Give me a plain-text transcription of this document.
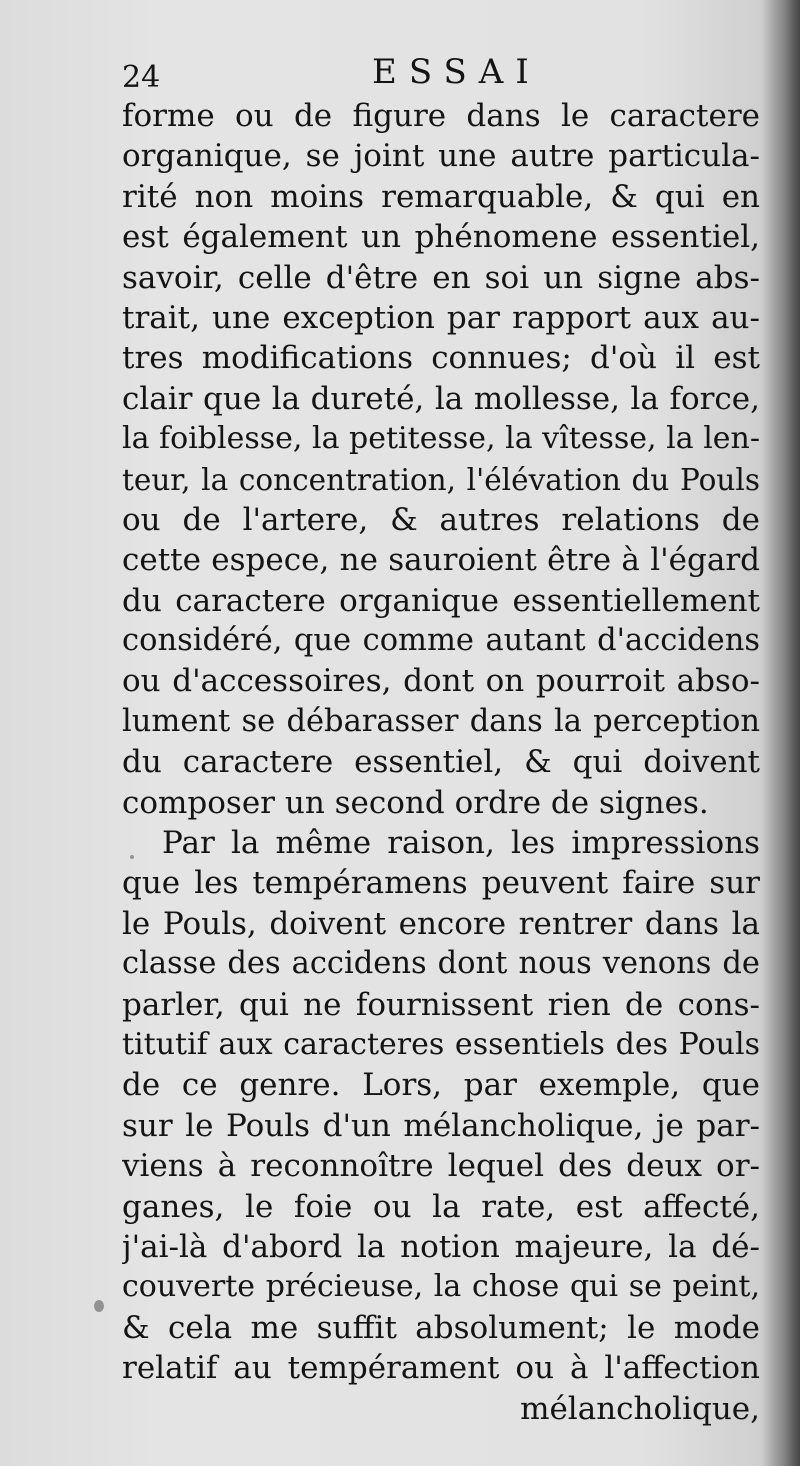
24	ESSAI
forme ou de figure dans le caractere
organique, se joint une autre particula-
rité non moins remarquable, & qui en
est également un phénomene essentiel,
savoir, celle d'être en soi un signe abs-
trait, une exception par rapport aux au-
tres modifications connues; d'où il est
clair que la dureté, la mollesse, la force,
la foiblesse, la petitesse, la vîtesse, la len-
teur, la concentration, l'élévation du Pouls
ou de l'artere, & autres relations de
cette espece, ne sauroient être à l'égard
du caractere organique essentiellement
considéré, que comme autant d'accidens
ou d'accessoires, dont on pourroit abso-
lument se débarasser dans la perception
du caractere essentiel, & qui doivent
composer un second ordre de signes.
Par la même raison, les impressions
que les tempéramens peuvent faire sur
le Pouls, doivent encore rentrer dans la
classe des accidens dont nous venons de
parler, qui ne fournissent rien de cons-
titutif aux caracteres essentiels des Pouls
de ce genre. Lors, par exemple, que
sur le Pouls d'un mélancholique, je par-
viens à reconnoître lequel des deux or-
ganes, le foie ou la rate, est affecté,
j'ai-là d'abord la notion majeure, la dé-
couverte précieuse, la chose qui se peint,
& cela me suffit absolument; le mode
relatif au tempérament ou à l'affection
mélancholique,
